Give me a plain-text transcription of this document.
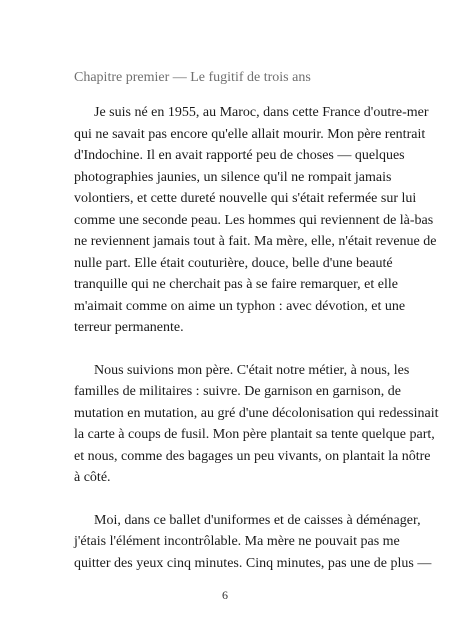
Chapitre premier — Le fugitif de trois ans
Je suis né en 1955, au Maroc, dans cette France d'outre-mer
qui ne savait pas encore qu'elle allait mourir. Mon père rentrait
d'Indochine. Il en avait rapporté peu de choses — quelques
photographies jaunies, un silence qu'il ne rompait jamais
volontiers, et cette dureté nouvelle qui s'était refermée sur lui
comme une seconde peau. Les hommes qui reviennent de là-bas
ne reviennent jamais tout à fait. Ma mère, elle, n'était revenue de
nulle part. Elle était couturière, douce, belle d'une beauté
tranquille qui ne cherchait pas à se faire remarquer, et elle
m'aimait comme on aime un typhon : avec dévotion, et une
terreur permanente.
Nous suivions mon père. C'était notre métier, à nous, les
familles de militaires : suivre. De garnison en garnison, de
mutation en mutation, au gré d'une décolonisation qui redessinait
la carte à coups de fusil. Mon père plantait sa tente quelque part,
et nous, comme des bagages un peu vivants, on plantait la nôtre
à côté.
Moi, dans ce ballet d'uniformes et de caisses à déménager,
j'étais l'élément incontrôlable. Ma mère ne pouvait pas me
quitter des yeux cinq minutes. Cinq minutes, pas une de plus —
6
